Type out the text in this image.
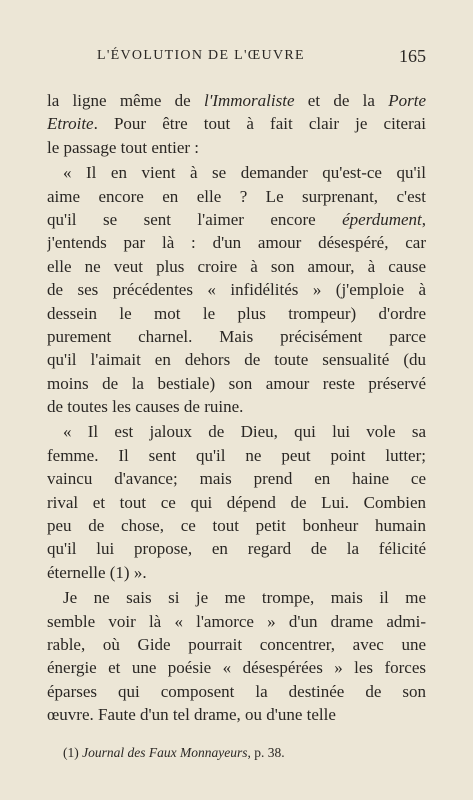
L'ÉVOLUTION DE L'ŒUVRE	165
la ligne même de l'Immoraliste et de la Porte
Etroite. Pour être tout à fait clair je citerai
le passage tout entier :
« Il en vient à se demander qu'est-ce qu'il
aime encore en elle ? Le surprenant, c'est
qu'il se sent l'aimer encore éperdument,
j'entends par là : d'un amour désespéré, car
elle ne veut plus croire à son amour, à cause
de ses précédentes « infidélités » (j'emploie à
dessein le mot le plus trompeur) d'ordre
purement charnel. Mais précisément parce
qu'il l'aimait en dehors de toute sensualité (du
moins de la bestiale) son amour reste préservé
de toutes les causes de ruine.
« Il est jaloux de Dieu, qui lui vole sa
femme. Il sent qu'il ne peut point lutter;
vaincu d'avance; mais prend en haine ce
rival et tout ce qui dépend de Lui. Combien
peu de chose, ce tout petit bonheur humain
qu'il lui propose, en regard de la félicité
éternelle (1) ».
Je ne sais si je me trompe, mais il me
semble voir là « l'amorce » d'un drame admi-
rable, où Gide pourrait concentrer, avec une
énergie et une poésie « désespérées » les forces
éparses qui composent la destinée de son
œuvre. Faute d'un tel drame, ou d'une telle
(1) Journal des Faux Monnayeurs, p. 38.
